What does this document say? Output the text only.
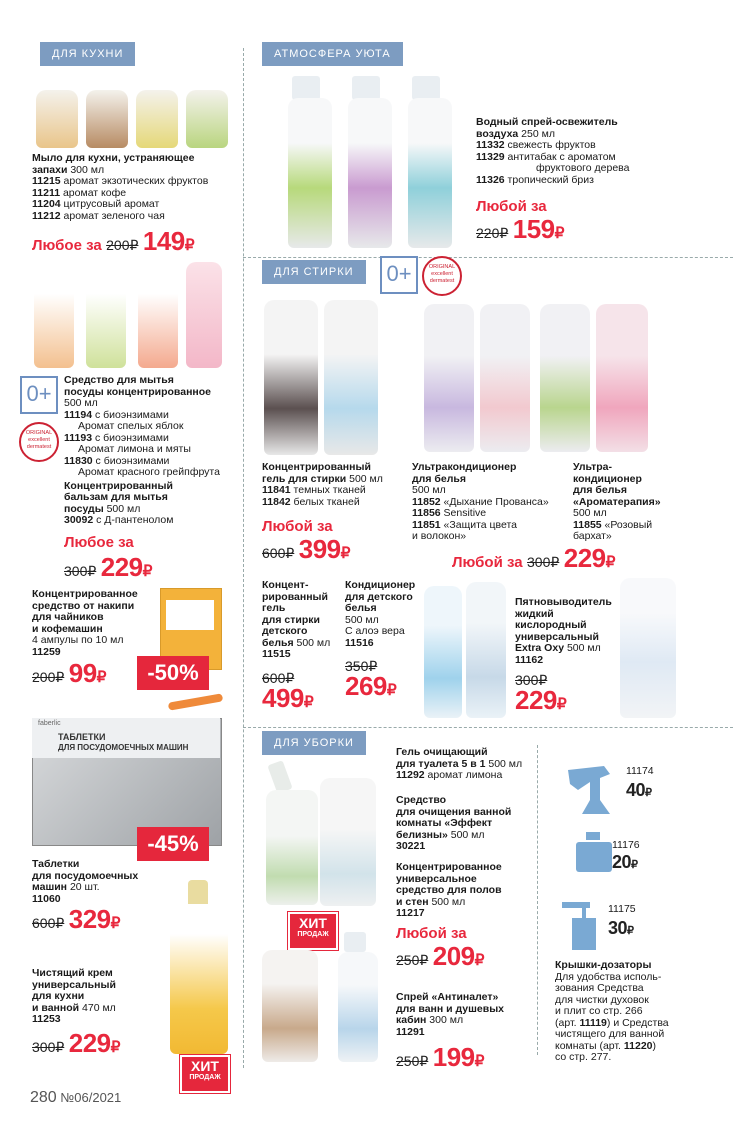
ДЛЯ КУХНИ	АТМОСФЕРА УЮТА
ДЛЯ СТИРКИ
ДЛЯ УБОРКИ
Мыло для кухни, устраняющее
запахи 300 мл
11215 аромат экзотических фруктов
11211 аромат кофе
11204 цитрусовый аромат
11212 аромат зеленого чая
Любое за 200₽ 149₽
0+
ORIGINAL
excellent
dermatest
Средство для мытья
посуды концентрированное
500 мл
11194 с биоэнзимами
Аромат спелых яблок
11193 с биоэнзимами
Аромат лимона и мяты
11830 с биоэнзимами
Аромат красного грейпфрута
Концентрированный
бальзам для мытья
посуды 500 мл
30092 с Д-пантенолом
Любое за
300₽ 229₽
Концентрированное
средство от накипи
для чайников
и кофемашин
4 ампулы по 10 мл
11259
200₽ 99₽	-50%
faberlic
ТАБЛЕТКИ
ДЛЯ ПОСУДОМОЕЧНЫХ МАШИН
-45%
Таблетки
для посудомоечных
машин 20 шт.
11060
600₽ 329₽
Чистящий крем
универсальный
для кухни
и ванной 470 мл
11253
300₽ 229₽
ХИТ
ПРОДАЖ
Водный спрей-освежитель
воздуха 250 мл
11332 свежесть фруктов
11329 антитабак с ароматом
фруктового дерева
11326 тропический бриз
Любой за
220₽ 159₽
0+	ORIGINAL
excellent
dermatest
Концентрированный
гель для стирки 500 мл
11841 темных тканей
11842 белых тканей
Любой за
600₽ 399₽
Ультракондиционер
для белья
500 мл
11852 «Дыхание Прованса»
11856 Sensitive
11851 «Защита цвета
и волокон»
Ультра-
кондиционер
для белья
«Ароматерапия»
500 мл
11855 «Розовый
бархат»
Любой за 300₽ 229₽
Концент-
рированный
гель
для стирки
детского
белья 500 мл
11515
600₽
499₽
Кондиционер
для детского
белья
500 мл
С алоэ вера
11516
350₽
269₽
Пятновыводитель
жидкий
кислородный
универсальный
Extra Oxy 500 мл
11162
300₽
229₽
ХИТ
ПРОДАЖ
Гель очищающий
для туалета 5 в 1 500 мл
11292 аромат лимона
Средство
для очищения ванной
комнаты «Эффект
белизны» 500 мл
30221
Концентрированное
универсальное
средство для полов
и стен 500 мл
11217
Любой за
250₽ 209₽
Спрей «Антиналет»
для ванн и душевых
кабин 300 мл
11291
250₽ 199₽
11174
40₽
11176
20₽
11175
30₽
Крышки-дозаторы
Для удобства исполь-
зования Средства
для чистки духовок
и плит со стр. 266
(арт. 11119) и Средства
чистящего для ванной
комнаты (арт. 11220)
со стр. 277.
280 №06/2021
